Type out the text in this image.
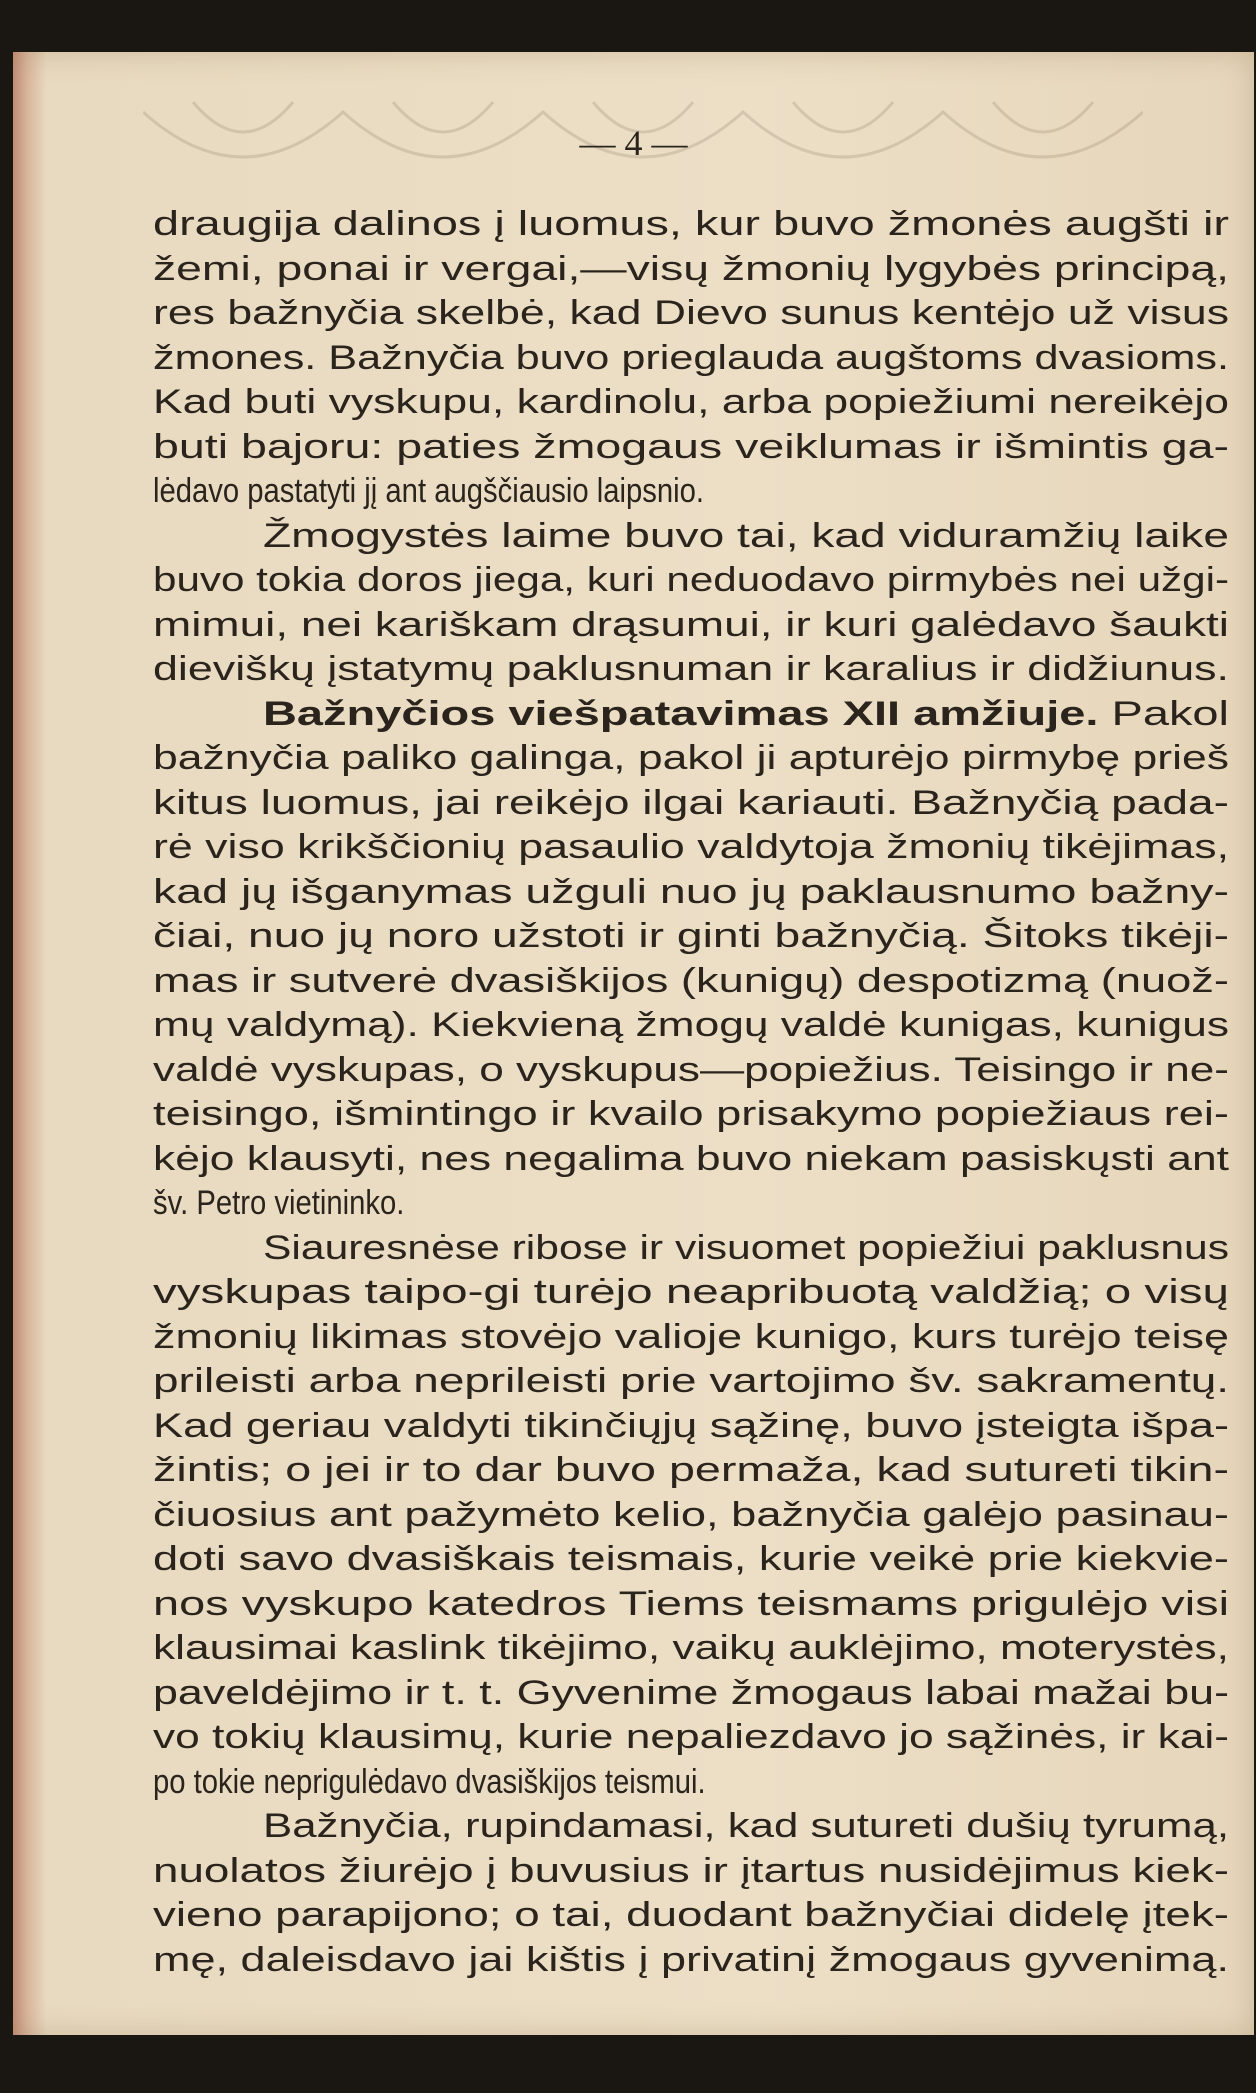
— 4 —
draugija dalinos į luomus, kur buvo žmonės augšti ir
žemi, ponai ir vergai,—visų žmonių lygybės principą,
res bažnyčia skelbė, kad Dievo sunus kentėjo už visus
žmones. Bažnyčia buvo prieglauda augštoms dvasioms.
Kad buti vyskupu, kardinolu, arba popiežiumi nereikėjo
buti bajoru: paties žmogaus veiklumas ir išmintis ga-
lėdavo pastatyti jį ant augščiausio laipsnio.
Žmogystės laime buvo tai, kad viduramžių laike
buvo tokia doros jiega, kuri neduodavo pirmybės nei užgi-
mimui, nei kariškam drąsumui, ir kuri galėdavo šaukti
dieviškų įstatymų paklusnuman ir karalius ir didžiunus.
Bažnyčios viešpatavimas XII amžiuje. Pakol
bažnyčia paliko galinga, pakol ji apturėjo pirmybę prieš
kitus luomus, jai reikėjo ilgai kariauti. Bažnyčią pada-
rė viso krikščionių pasaulio valdytoja žmonių tikėjimas,
kad jų išganymas užguli nuo jų paklausnumo bažny-
čiai, nuo jų noro užstoti ir ginti bažnyčią. Šitoks tikėji-
mas ir sutverė dvasiškijos (kunigų) despotizmą (nuož-
mų valdymą). Kiekvieną žmogų valdė kunigas, kunigus
valdė vyskupas, o vyskupus—popiežius. Teisingo ir ne-
teisingo, išmintingo ir kvailo prisakymo popiežiaus rei-
kėjo klausyti, nes negalima buvo niekam pasiskųsti ant
šv. Petro vietininko.
Siauresnėse ribose ir visuomet popiežiui paklusnus
vyskupas taipo-gi turėjo neapribuotą valdžią; o visų
žmonių likimas stovėjo valioje kunigo, kurs turėjo teisę
prileisti arba neprileisti prie vartojimo šv. sakramentų.
Kad geriau valdyti tikinčiųjų sąžinę, buvo įsteigta išpa-
žintis; o jei ir to dar buvo permaža, kad sutureti tikin-
čiuosius ant pažymėto kelio, bažnyčia galėjo pasinau-
doti savo dvasiškais teismais, kurie veikė prie kiekvie-
nos vyskupo katedros Tiems teismams prigulėjo visi
klausimai kaslink tikėjimo, vaikų auklėjimo, moterystės,
paveldėjimo ir t. t. Gyvenime žmogaus labai mažai bu-
vo tokių klausimų, kurie nepaliezdavo jo sąžinės, ir kai-
po tokie neprigulėdavo dvasiškijos teismui.
Bažnyčia, rupindamasi, kad sutureti dušių tyrumą,
nuolatos žiurėjo į buvusius ir įtartus nusidėjimus kiek-
vieno parapijono; o tai, duodant bažnyčiai didelę įtek-
mę, daleisdavo jai kištis į privatinį žmogaus gyvenimą.
